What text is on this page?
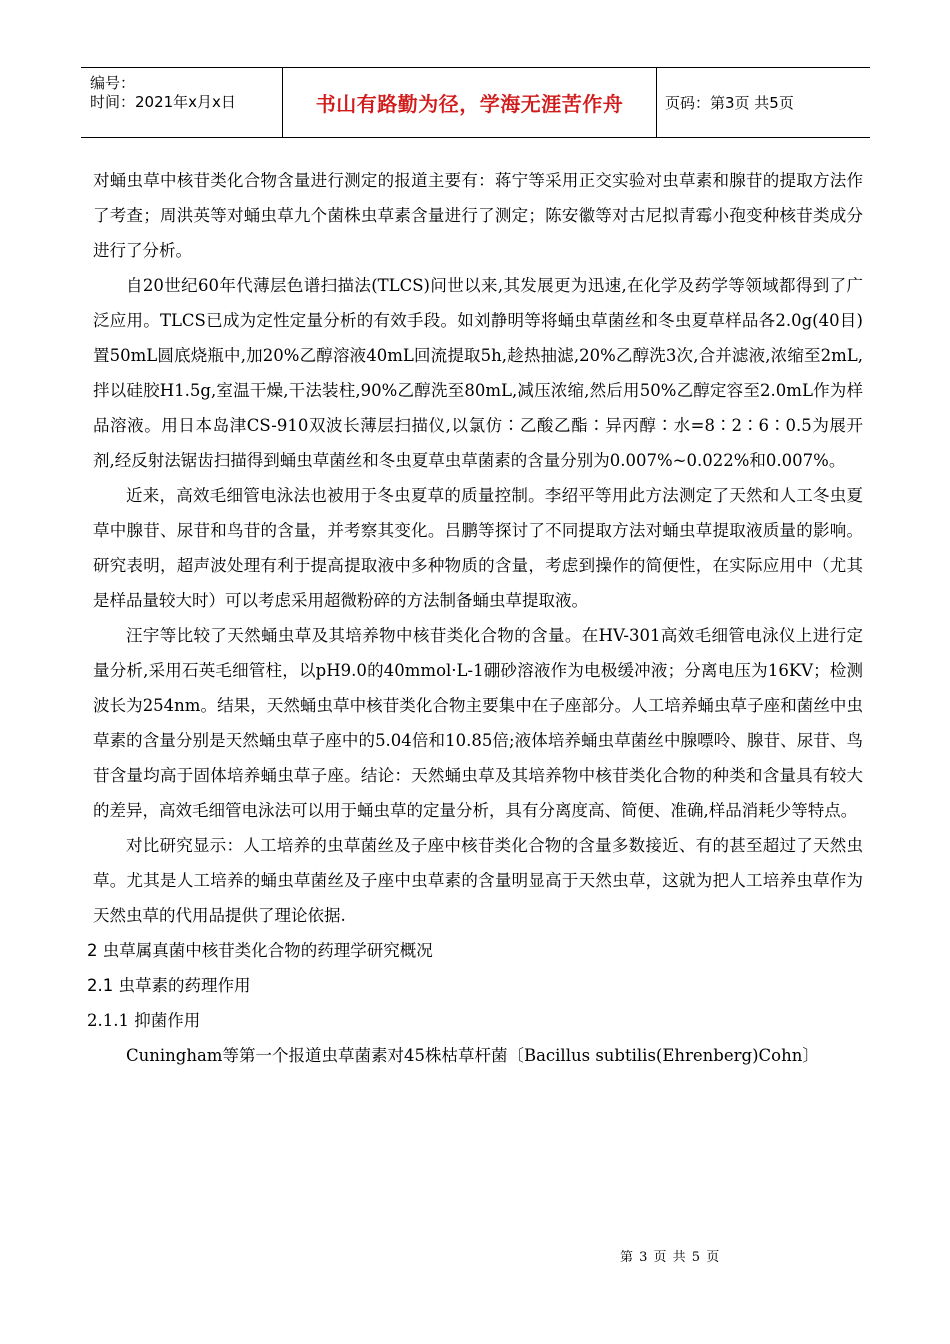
编号：
时间：2021年x月x日	书山有路勤为径，学海无涯苦作舟	页码：第3页 共5页

对蛹虫草中核苷类化合物含量进行测定的报道主要有：蒋宁等采用正交实验对虫草素和腺苷的提取方法作了考查；周洪英等对蛹虫草九个菌株虫草素含量进行了测定；陈安徽等对古尼拟青霉小孢变种核苷类成分进行了分析。

自20世纪60年代薄层色谱扫描法(TLCS)问世以来,其发展更为迅速,在化学及药学等领域都得到了广泛应用。TLCS已成为定性定量分析的有效手段。如刘静明等将蛹虫草菌丝和冬虫夏草样品各2.0g(40目)置50mL圆底烧瓶中,加20%乙醇溶液40mL回流提取5h,趁热抽滤,20%乙醇洗3次,合并滤液,浓缩至2mL,拌以硅胶H1.5g,室温干燥,干法装柱,90%乙醇洗至80mL,减压浓缩,然后用50%乙醇定容至2.0mL作为样品溶液。用日本岛津CS-910双波长薄层扫描仪,以氯仿∶乙酸乙酯∶异丙醇∶水=8∶2∶6∶0.5为展开剂,经反射法锯齿扫描得到蛹虫草菌丝和冬虫夏草虫草菌素的含量分别为0.007%~0.022%和0.007%。

近来，高效毛细管电泳法也被用于冬虫夏草的质量控制。李绍平等用此方法测定了天然和人工冬虫夏草中腺苷、尿苷和鸟苷的含量，并考察其变化。吕鹏等探讨了不同提取方法对蛹虫草提取液质量的影响。研究表明，超声波处理有利于提高提取液中多种物质的含量，考虑到操作的简便性，在实际应用中（尤其是样品量较大时）可以考虑采用超微粉碎的方法制备蛹虫草提取液。

汪宇等比较了天然蛹虫草及其培养物中核苷类化合物的含量。在HV-301高效毛细管电泳仪上进行定量分析,采用石英毛细管柱，以pH9.0的40mmol·L-1硼砂溶液作为电极缓冲液；分离电压为16KV；检测波长为254nm。结果，天然蛹虫草中核苷类化合物主要集中在子座部分。人工培养蛹虫草子座和菌丝中虫草素的含量分别是天然蛹虫草子座中的5.04倍和10.85倍;液体培养蛹虫草菌丝中腺嘌呤、腺苷、尿苷、鸟苷含量均高于固体培养蛹虫草子座。结论：天然蛹虫草及其培养物中核苷类化合物的种类和含量具有较大的差异，高效毛细管电泳法可以用于蛹虫草的定量分析，具有分离度高、简便、准确,样品消耗少等特点。

对比研究显示：人工培养的虫草菌丝及子座中核苷类化合物的含量多数接近、有的甚至超过了天然虫草。尤其是人工培养的蛹虫草菌丝及子座中虫草素的含量明显高于天然虫草，这就为把人工培养虫草作为天然虫草的代用品提供了理论依据.

2 虫草属真菌中核苷类化合物的药理学研究概况

2.1 虫草素的药理作用

2.1.1 抑菌作用

Cuningham等第一个报道虫草菌素对45株枯草杆菌〔Bacillus subtilis(Ehrenberg)Cohn〕

第 3 页 共 5 页
